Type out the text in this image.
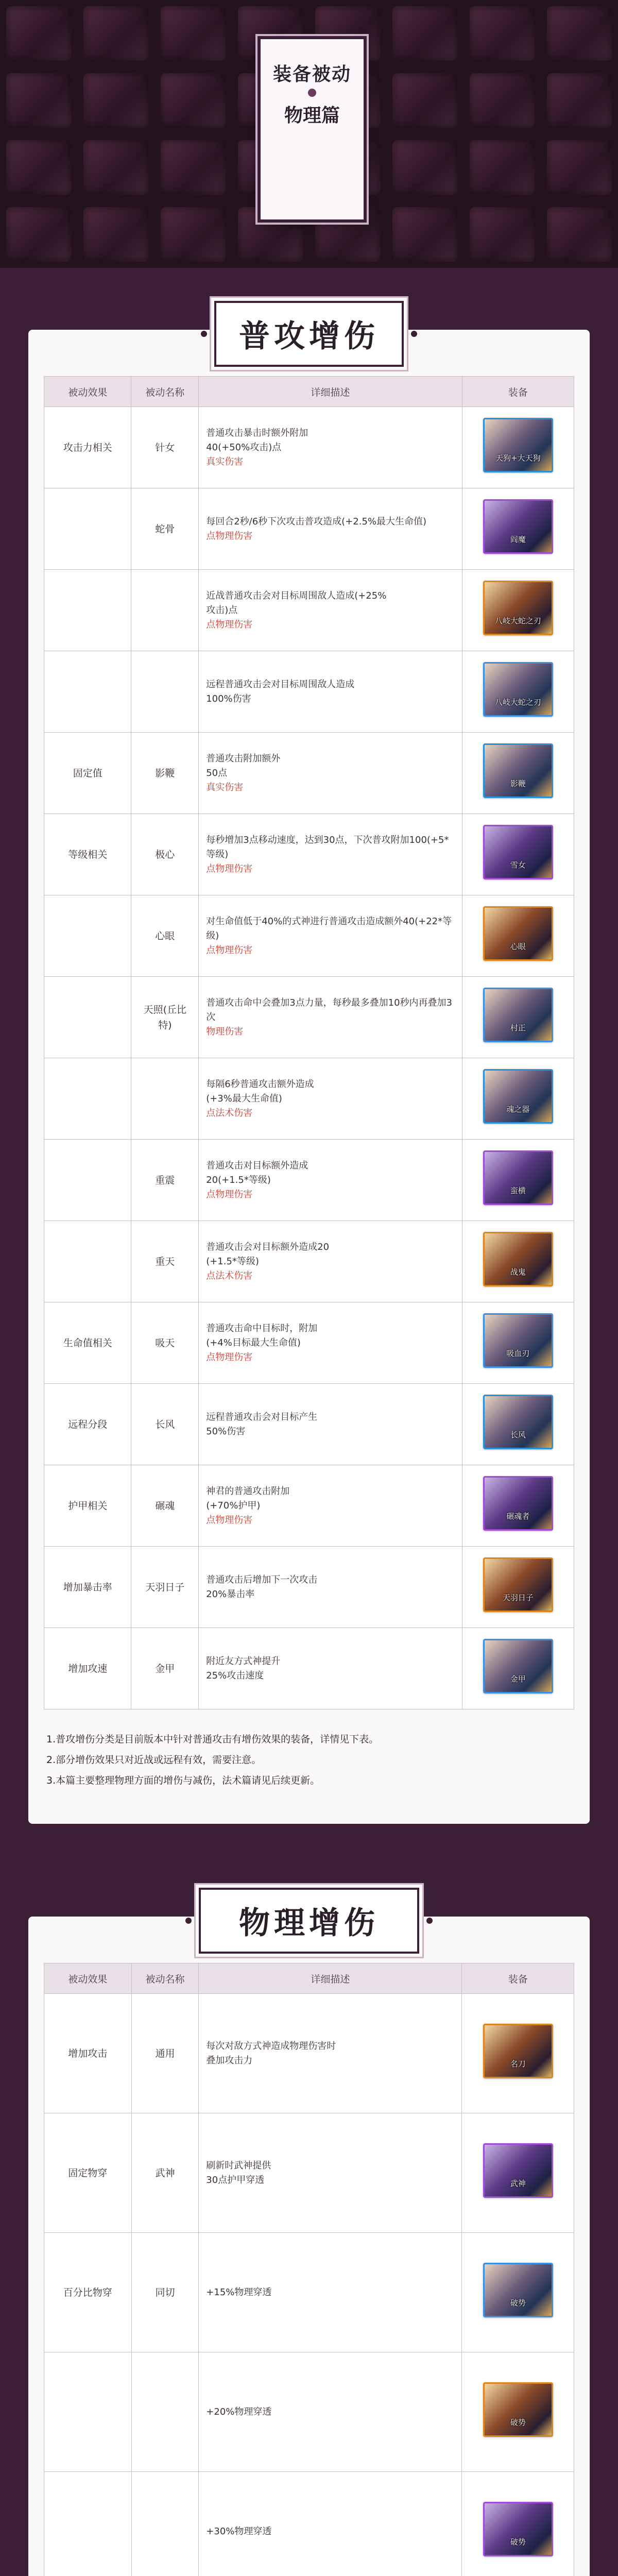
装备被动
物理篇
普攻增伤
被动效果	被动名称	详细描述	装备
攻击力相关	针女	普通攻击暴击时额外附加
40(+50%攻击)点
真实伤害	天狗+大天狗

	蛇骨	每回合2秒/6秒下次攻击普攻造成(+2.5%最大生命值)
点物理伤害	阎魔

		近战普通攻击会对目标周围敌人造成(+25%
攻击)点
点物理伤害	八岐大蛇之刃

		远程普通攻击会对目标周围敌人造成
100%伤害	八岐大蛇之刃

固定值	影鞭	普通攻击附加额外
50点
真实伤害	影鞭

等级相关	极心	每秒增加3点移动速度，达到30点，下次普攻附加100(+5*等级)
点物理伤害	雪女

	心眼	对生命值低于40%的式神进行普通攻击造成额外40(+22*等级)
点物理伤害	心眼

	天照(丘比特)	普通攻击命中会叠加3点力量，每秒最多叠加10秒内再叠加3次
物理伤害	村正

		每隔6秒普通攻击额外造成
(+3%最大生命值)
点法术伤害	魂之器

	重震	普通攻击对目标额外造成
20(+1.5*等级)
点物理伤害	蛮横

	重天	普通攻击会对目标额外造成20
(+1.5*等级)
点法术伤害	战鬼

生命值相关	吸天	普通攻击命中目标时，附加
(+4%目标最大生命值)
点物理伤害	吸血刃

远程分段	长风	远程普通攻击会对目标产生
50%伤害	长风

护甲相关	碾魂	神君的普通攻击附加
(+70%护甲)
点物理伤害	碾魂者

增加暴击率	天羽日子	普通攻击后增加下一次攻击
20%暴击率	天羽日子

增加攻速	金甲	附近友方式神提升
25%攻击速度	金甲

1.普攻增伤分类是目前版本中针对普通攻击有增伤效果的装备，详情见下表。

2.部分增伤效果只对近战或远程有效，需要注意。

3.本篇主要整理物理方面的增伤与减伤，法术篇请见后续更新。

物理增伤
被动效果	被动名称	详细描述	装备
增加攻击	通用	每次对敌方式神造成物理伤害时
叠加攻击力	名刀

固定物穿	武神	刷新时武神提供
30点护甲穿透	武神

百分比物穿	同切	+15%物理穿透	破势

		+20%物理穿透	破势

		+30%物理穿透	破势
